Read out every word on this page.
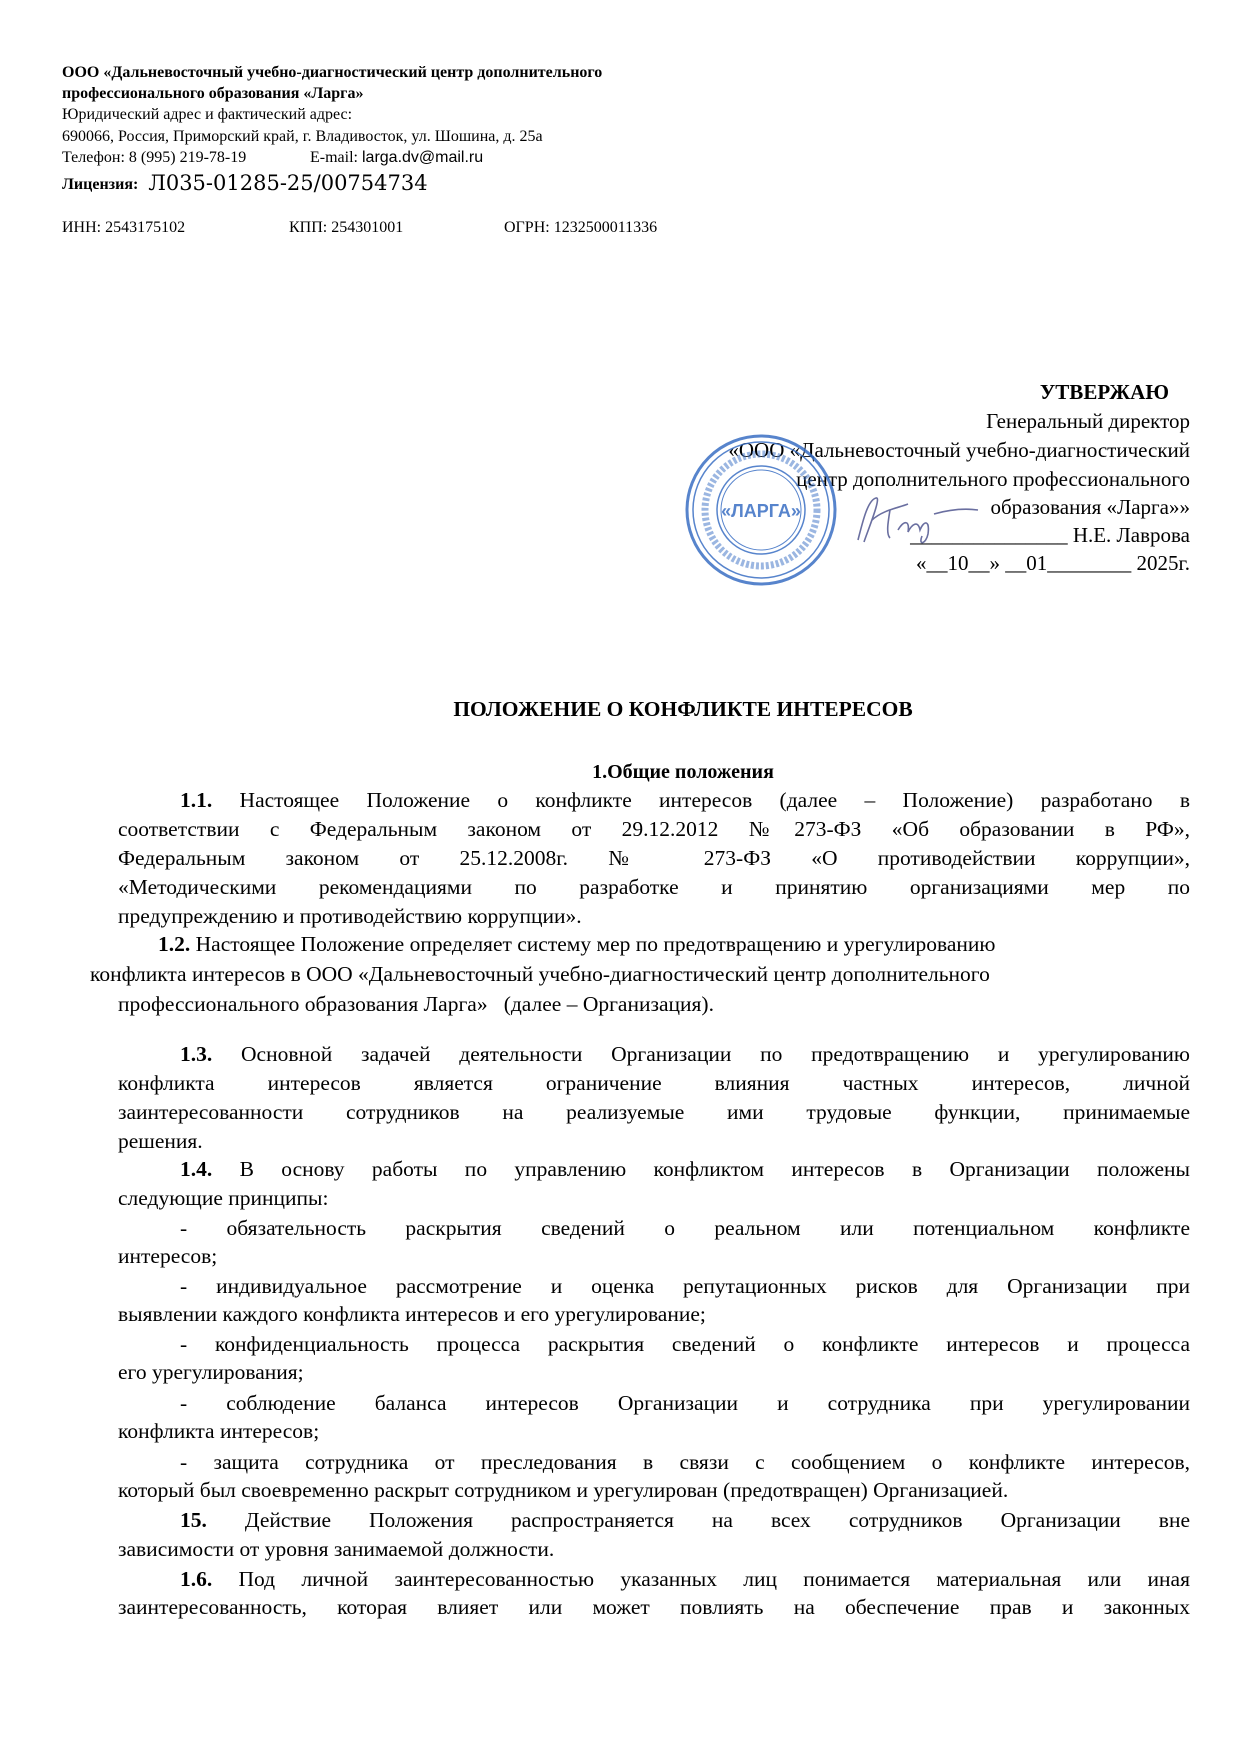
ООО «Дальневосточный учебно-диагностический центр дополнительного
профессионального образования «Ларга»
Юридический адрес и фактический адрес:
690066, Россия, Приморский край, г. Владивосток, ул. Шошина, д. 25а
Телефон: 8 (995) 219-78-19	E-mail: larga.dv@mail.ru
Лицензия: Л035-01285-25/00754734
ИНН: 2543175102	КПП: 254301001	ОГРН: 1232500011336
УТВЕРЖАЮ
Генеральный директор
«ООО «Дальневосточный учебно-диагностический
центр дополнительного профессионального
образования «Ларга»»
_______________ Н.Е. Лаврова
«__10__» __01________ 2025г.
«ЛАРГА»
ПОЛОЖЕНИЕ О КОНФЛИКТЕ ИНТЕРЕСОВ
1.Общие положения
1.1. Настоящее Положение о конфликте интересов (далее – Положение) разработано в
соответствии с Федеральным законом от 29.12.2012 №273-ФЗ «Об образовании в РФ»,
Федеральным законом от 25.12.2008г. № 273-ФЗ «О противодействии коррупции»,
«Методическими рекомендациями по разработке и принятию организациями мер по
предупреждению и противодействию коррупции».
1.2. Настоящее Положение определяет систему мер по предотвращению и урегулированию
конфликта интересов в ООО «Дальневосточный учебно-диагностический центр дополнительного
профессионального образования Ларга»   (далее – Организация).
1.3. Основной задачей деятельности Организации по предотвращению и урегулированию
конфликта интересов является ограничение влияния частных интересов, личной
заинтересованности сотрудников на реализуемые ими трудовые функции, принимаемые
решения.
1.4. В основу работы по управлению конфликтом интересов в Организации положены
следующие принципы:
- обязательность раскрытия сведений о реальном или потенциальном конфликте
интересов;
- индивидуальное рассмотрение и оценка репутационных рисков для Организации при
выявлении каждого конфликта интересов и его урегулирование;
- конфиденциальность процесса раскрытия сведений о конфликте интересов и процесса
его урегулирования;
- соблюдение баланса интересов Организации и сотрудника при урегулировании
конфликта интересов;
- защита сотрудника от преследования в связи с сообщением о конфликте интересов,
который был своевременно раскрыт сотрудником и урегулирован (предотвращен) Организацией.
15. Действие Положения распространяется на всех сотрудников Организации вне
зависимости от уровня занимаемой должности.
1.6. Под личной заинтересованностью указанных лиц понимается материальная или иная
заинтересованность, которая влияет или может повлиять на обеспечение прав и законных
